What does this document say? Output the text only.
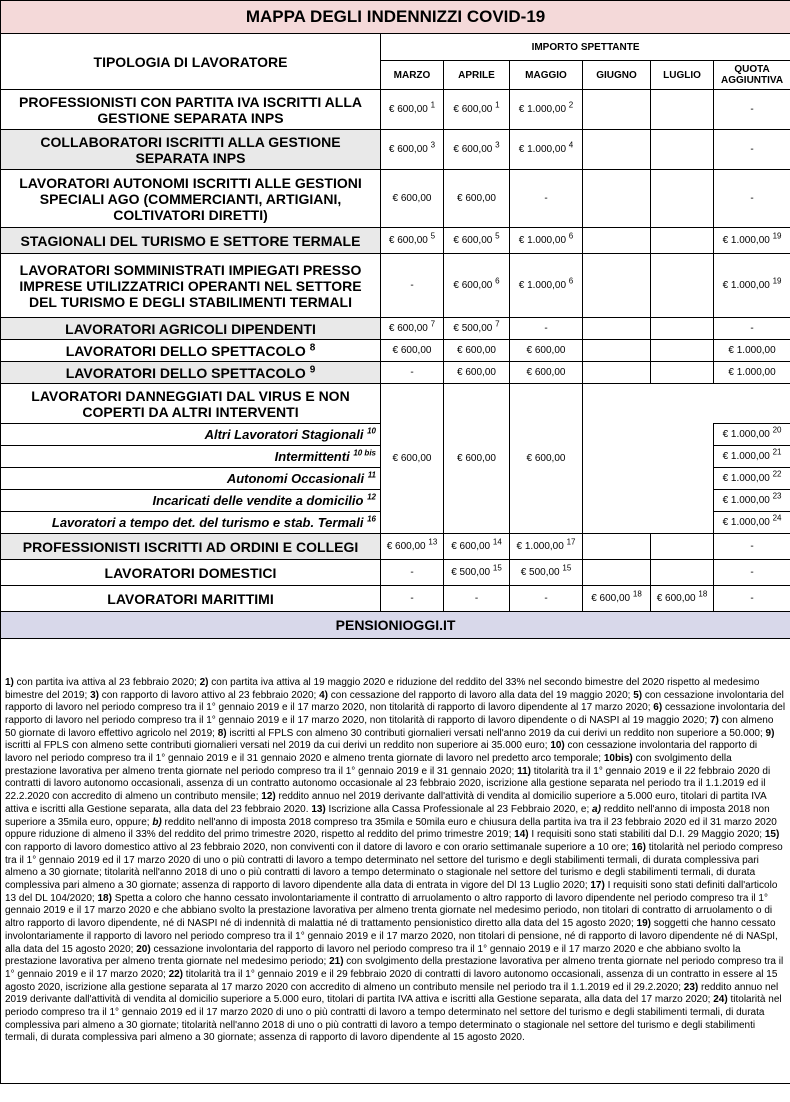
MAPPA DEGLI INDENNIZZI COVID-19						
TIPOLOGIA DI LAVORATORE	IMPORTO SPETTANTE					
	MARZO	APRILE	MAGGIO	GIUGNO	LUGLIO	QUOTA AGGIUNTIVA
PROFESSIONISTI CON PARTITA IVA ISCRITTI ALLA GESTIONE SEPARATA INPS	€ 600,00 $^1$	€ 600,00 $^1$	€ 1.000,00 $^2$			-
COLLABORATORI ISCRITTI ALLA GESTIONE SEPARATA INPS	€ 600,00 $^3$	€ 600,00 $^3$	€ 1.000,00 $^4$			-
LAVORATORI AUTONOMI ISCRITTI ALLE GESTIONI SPECIALI AGO (COMMERCIANTI, ARTIGIANI, COLTIVATORI DIRETTI)	€ 600,00	€ 600,00	-			-
STAGIONALI DEL TURISMO E SETTORE TERMALE	€ 600,00 $^5$	€ 600,00 $^5$	€ 1.000,00 $^6$			€ 1.000,00 $^{19}$
LAVORATORI SOMMINISTRATI IMPIEGATI PRESSO IMPRESE UTILIZZATRICI OPERANTI NEL SETTORE DEL TURISMO E DEGLI STABILIMENTI TERMALI	-	€ 600,00 $^6$	€ 1.000,00 $^6$			€ 1.000,00 $^{19}$
LAVORATORI AGRICOLI DIPENDENTI	€ 600,00 $^7$	€ 500,00 $^7$	-			-
LAVORATORI DELLO SPETTACOLO $^8$	€ 600,00	€ 600,00	€ 600,00			€ 1.000,00
LAVORATORI DELLO SPETTACOLO $^9$	-	€ 600,00	€ 600,00			€ 1.000,00
LAVORATORI DANNEGGIATI DAL VIRUS E NON COPERTI DA ALTRI INTERVENTI	€ 600,00	€ 600,00	€ 600,00			
Altri Lavoratori Stagionali $^{10}$						€ 1.000,00 $^{20}$
Intermittenti $^{10 bis}$						€ 1.000,00 $^{21}$
Autonomi Occasionali $^{11}$						€ 1.000,00 $^{22}$
Incaricati delle vendite a domicilio $^{12}$						€ 1.000,00 $^{23}$
Lavoratori a tempo det. del turismo e stab. Termali $^{16}$						€ 1.000,00 $^{24}$
PROFESSIONISTI ISCRITTI AD ORDINI E COLLEGI	€ 600,00 $^{13}$	€ 600,00 $^{14}$	€ 1.000,00 $^{17}$			-
LAVORATORI DOMESTICI	-	€ 500,00 $^{15}$	€ 500,00 $^{15}$			-
LAVORATORI MARITTIMI	-	-	-	€ 600,00 $^{18}$	€ 600,00 $^{18}$	-
PENSIONIOGGI.IT						
1) con partita iva attiva al 23 febbraio 2020; 2) con partita iva attiva al 19 maggio 2020 e riduzione del reddito del 33% nel secondo bimestre del 2020 rispetto al medesimo bimestre del 2019; 3) con rapporto di lavoro attivo al 23 febbraio 2020; 4) con cessazione del rapporto di lavoro alla data del 19 maggio 2020; 5) con cessazione involontaria del rapporto di lavoro nel periodo compreso tra il 1° gennaio 2019 e il 17 marzo 2020, non titolarità di rapporto di lavoro dipendente al 17 marzo 2020; 6) cessazione involontaria del rapporto di lavoro nel periodo compreso tra il 1° gennaio 2019 e il 17 marzo 2020, non titolarità di rapporto di lavoro dipendente o di NASPI al 19 maggio 2020; 7) con almeno 50 giornate di lavoro effettivo agricolo nel 2019; 8) iscritti al FPLS con almeno 30 contributi giornalieri versati nell'anno 2019 da cui derivi un reddito non superiore a 50.000; 9) iscritti al FPLS con almeno sette contributi giornalieri versati nel 2019 da cui derivi un reddito non superiore ai 35.000 euro; 10) con cessazione involontaria del rapporto di lavoro nel periodo compreso tra il 1° gennaio 2019 e il 31 gennaio 2020 e almeno trenta giornate di lavoro nel predetto arco temporale; 10bis) con svolgimento della prestazione lavorativa per almeno trenta giornate nel periodo compreso tra il 1° gennaio 2019 e il 31 gennaio 2020; 11) titolarità tra il 1° gennaio 2019 e il 22 febbraio 2020 di contratti di lavoro autonomo occasionali, assenza di un contratto autonomo occasionale al 23 febbraio 2020, iscrizione alla gestione separata nel periodo tra il 1.1.2019 ed il 22.2.2020 con accredito di almeno un contributo mensile; 12) reddito annuo nel 2019 derivante dall'attività di vendita al domicilio superiore a 5.000 euro, titolari di partita IVA attiva e iscritti alla Gestione separata, alla data del 23 febbraio 2020. 13) Iscrizione alla Cassa Professionale al 23 Febbraio 2020, e; a) reddito nell'anno di imposta 2018 non superiore a 35mila euro, oppure; b) reddito nell'anno di imposta 2018 compreso tra 35mila e 50mila euro e chiusura della partita iva tra il 23 febbraio 2020 ed il 31 marzo 2020 oppure riduzione di almeno il 33% del reddito del primo trimestre 2020, rispetto al reddito del primo trimestre 2019; 14) I requisiti sono stati stabiliti dal D.I. 29 Maggio 2020; 15) con rapporto di lavoro domestico attivo al 23 febbraio 2020, non conviventi con il datore di lavoro e con orario settimanale superiore a 10 ore; 16) titolarità nel periodo compreso tra il 1° gennaio 2019 ed il 17 marzo 2020 di uno o più contratti di lavoro a tempo determinato nel settore del turismo e degli stabilimenti termali, di durata complessiva pari almeno a 30 giornate; titolarità nell'anno 2018 di uno o più contratti di lavoro a tempo determinato o stagionale nel settore del turismo e degli stabilimenti termali, di durata complessiva pari almeno a 30 giornate; assenza di rapporto di lavoro dipendente alla data di entrata in vigore del Dl 13 Luglio 2020; 17) I requisiti sono stati definiti dall'articolo 13 del DL 104/2020; 18) Spetta a coloro che hanno cessato involontariamente il contratto di arruolamento o altro rapporto di lavoro dipendente nel periodo compreso tra il 1° gennaio 2019 e il 17 marzo 2020 e che abbiano svolto la prestazione lavorativa per almeno trenta giornate nel medesimo periodo, non titolari di contratto di arruolamento o di altro rapporto di lavoro dipendente, né di NASPI né di indennità di malattia né di trattamento pensionistico diretto alla data del 15 agosto 2020; 19) soggetti che hanno cessato involontariamente il rapporto di lavoro nel periodo compreso tra il 1° gennaio 2019 e il 17 marzo 2020, non titolari di pensione, né di rapporto di lavoro dipendente né di NASpI, alla data del 15 agosto 2020; 20) cessazione involontaria del rapporto di lavoro nel periodo compreso tra il 1° gennaio 2019 e il 17 marzo 2020 e che abbiano svolto la prestazione lavorativa per almeno trenta giornate nel medesimo periodo; 21) con svolgimento della prestazione lavorativa per almeno trenta giornate nel periodo compreso tra il 1° gennaio 2019 e il 17 marzo 2020; 22) titolarità tra il 1° gennaio 2019 e il 29 febbraio 2020 di contratti di lavoro autonomo occasionali, assenza di un contratto in essere al 15 agosto 2020, iscrizione alla gestione separata al 17 marzo 2020 con accredito di almeno un contributo mensile nel periodo tra il 1.1.2019 ed il 29.2.2020; 23) reddito annuo nel 2019 derivante dall'attività di vendita al domicilio superiore a 5.000 euro, titolari di partita IVA attiva e iscritti alla Gestione separata, alla data del 17 marzo 2020; 24) titolarità nel periodo compreso tra il 1° gennaio 2019 ed il 17 marzo 2020 di uno o più contratti di lavoro a tempo determinato nel settore del turismo e degli stabilimenti termali, di durata complessiva pari almeno a 30 giornate; titolarità nell'anno 2018 di uno o più contratti di lavoro a tempo determinato o stagionale nel settore del turismo e degli stabilimenti termali, di durata complessiva pari almeno a 30 giornate; assenza di rapporto di lavoro dipendente al 15 agosto 2020.						
